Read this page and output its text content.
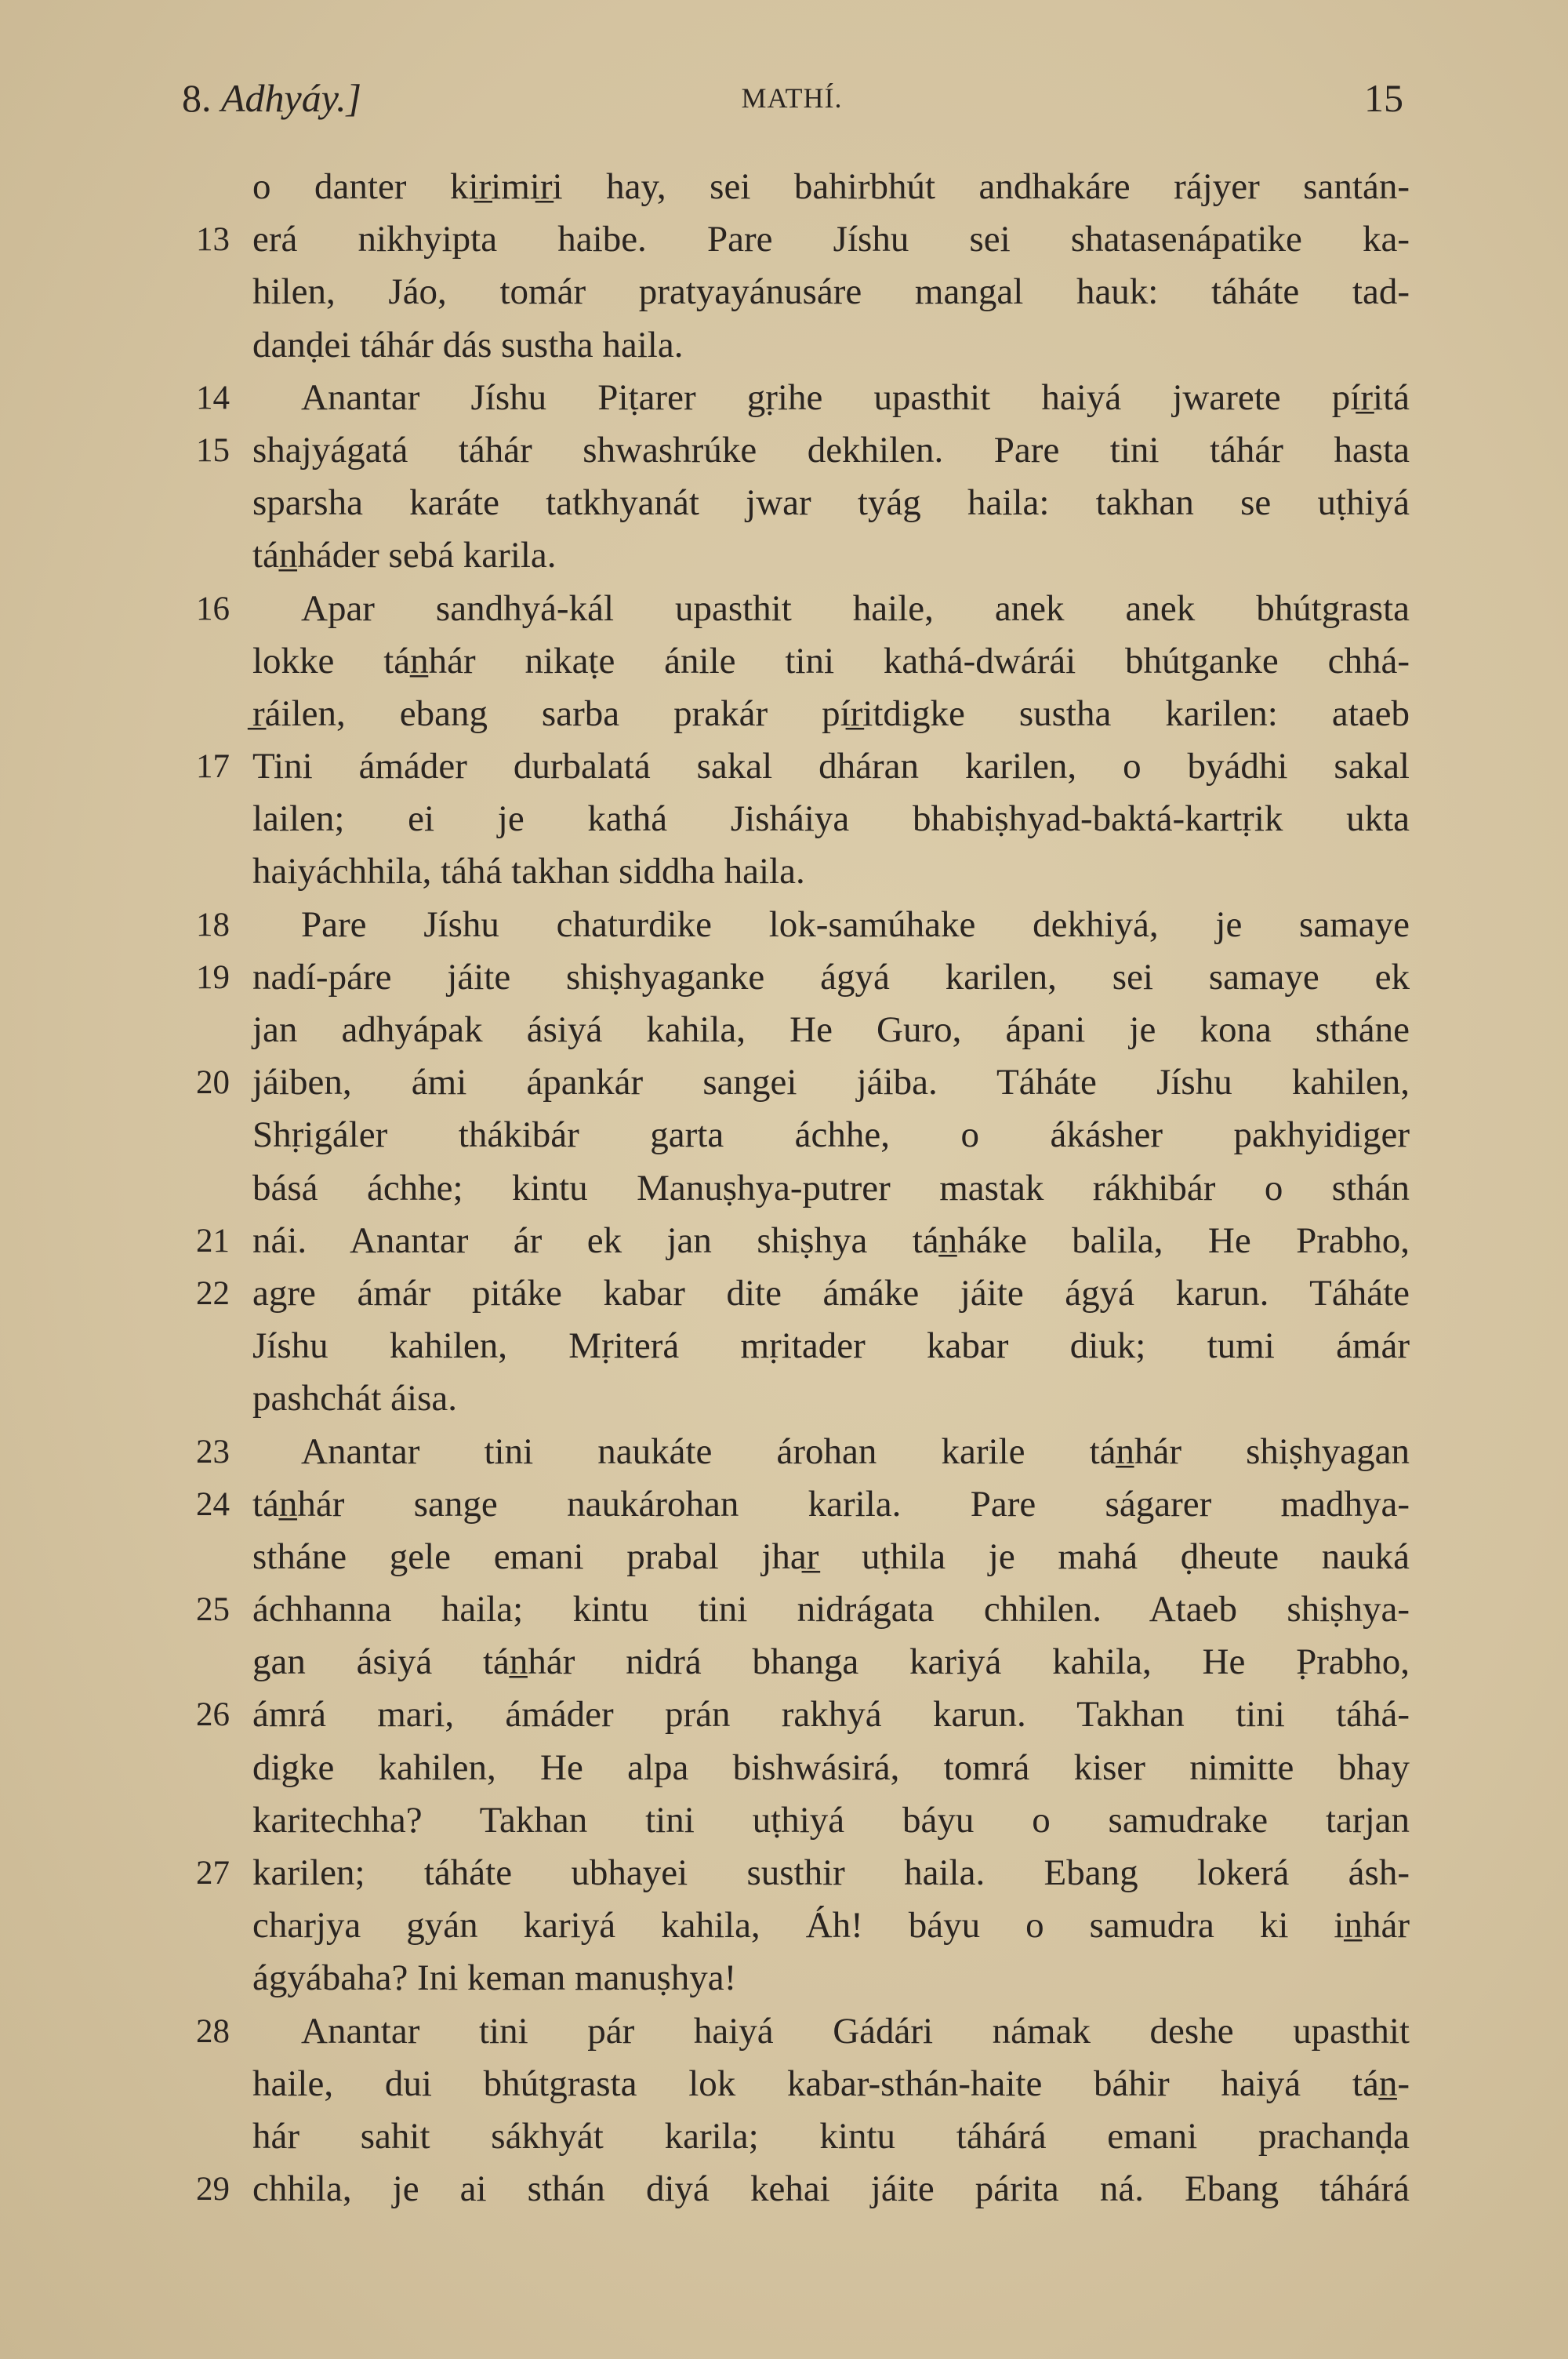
8. Adhyáy.]	MATHÍ.	15
o danter kir̲imir̲i hay, sei bahirbhút andhakáre rájyer santán-
13 erá nikhyipta haibe. Pare Jíshu sei shatasenápatike ka-
hilen, Jáo, tomár pratyayánusáre mangal hauk: táháte tad-
danḍei táhár dás sustha haila.
14	Anantar Jíshu Piṭarer gṛihe upasthit haiyá jwarete pír̲itá
15 shajyágatá táhár shwashrúke dekhilen. Pare tini táhár hasta
sparsha karáte tatkhyanát jwar tyág haila: takhan se uṭhiyá
tán̲háder sebá karila.
16	Apar sandhyá-kál upasthit haile, anek anek bhútgrasta
lokke tán̲hár nikaṭe ánile tini kathá-dwárái bhútganke chhá-
r̲áilen, ebang sarba prakár pír̲itdigke sustha karilen: ataeb
17 Tini ámáder durbalatá sakal dháran karilen, o byádhi sakal
lailen; ei je kathá Jisháiya bhabiṣhyad-baktá-kartṛik ukta
haiyáchhila, táhá takhan siddha haila.
18	Pare Jíshu chaturdike lok-samúhake dekhiyá, je samaye
19 nadí-páre jáite shiṣhyaganke ágyá karilen, sei samaye ek
jan adhyápak ásiyá kahila, He Guro, ápani je kona stháne
20 jáiben, ámi ápankár sangei jáiba. Táháte Jíshu kahilen,
Shṛigáler thákibár garta áchhe, o ákásher pakhyidiger
básá áchhe; kintu Manuṣhya-putrer mastak rákhibár o sthán
21 nái. Anantar ár ek jan shiṣhya tán̲háke balila, He Prabho,
22 agre ámár pitáke kabar dite ámáke jáite ágyá karun. Táháte
Jíshu kahilen, Mṛiterá mṛitader kabar diuk; tumi ámár
pashchát áisa.
23	Anantar tini naukáte árohan karile tán̲hár shiṣhyagan
24 tán̲hár sange naukárohan karila. Pare ságarer madhya-
stháne gele emani prabal jhar̲ uṭhila je mahá ḍheute nauká
25 áchhanna haila; kintu tini nidrágata chhilen. Ataeb shiṣhya-
gan ásiyá tán̲hár nidrá bhanga kariyá kahila, He P̣rabho,
26 ámrá mari, ámáder prán rakhyá karun. Takhan tini táhá-
digke kahilen, He alpa bishwásirá, tomrá kiser nimitte bhay
karitechha? Takhan tini uṭhiyá báyu o samudrake tarjan
27 karilen; táháte ubhayei susthir haila. Ebang lokerá ásh-
charjya gyán kariyá kahila, Áh! báyu o samudra ki in̲hár
ágyábaha? Ini keman manuṣhya!
28	Anantar tini pár haiyá Gádári námak deshe upasthit
haile, dui bhútgrasta lok kabar-sthán-haite báhir haiyá tán̲-
hár sahit sákhyát karila; kintu táhárá emani prachanḍa
29 chhila, je ai sthán diyá kehai jáite párita ná. Ebang táhárá
